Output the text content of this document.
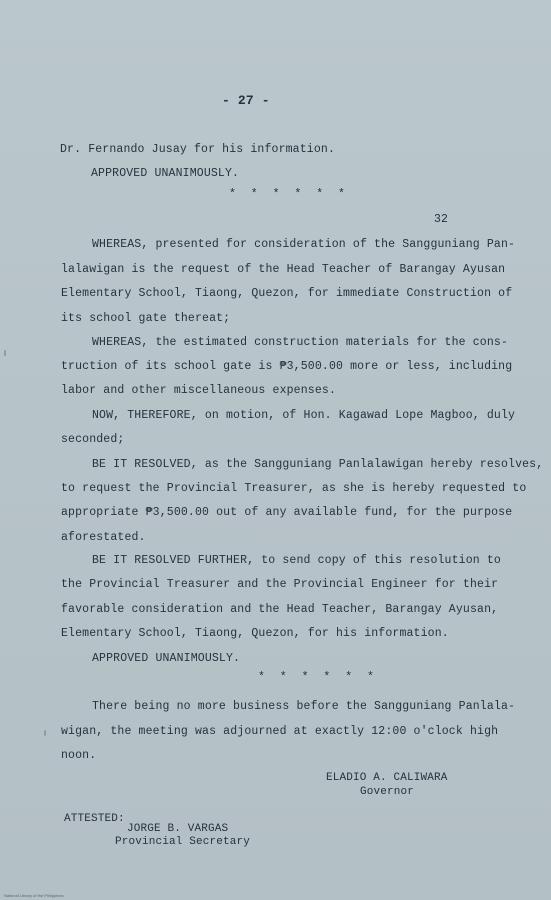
- 27 -
Dr. Fernando Jusay for his information.
APPROVED UNANIMOUSLY.
* * * * * *
32
WHEREAS, presented for consideration of the Sangguniang Pan-
lalawigan is the request of the Head Teacher of Barangay Ayusan
Elementary School, Tiaong, Quezon, for immediate Construction of
its school gate thereat;
WHEREAS, the estimated construction materials for the cons-
truction of its school gate is ₱3,500.00 more or less, including
labor and other miscellaneous expenses.
NOW, THEREFORE, on motion, of Hon. Kagawad Lope Magboo, duly
seconded;
BE IT RESOLVED, as the Sangguniang Panlalawigan hereby resolves,
to request the Provincial Treasurer, as she is hereby requested to
appropriate ₱3,500.00 out of any available fund, for the purpose
aforestated.
BE IT RESOLVED FURTHER, to send copy of this resolution to
the Provincial Treasurer and the Provincial Engineer for their
favorable consideration and the Head Teacher, Barangay Ayusan,
Elementary School, Tiaong, Quezon, for his information.
APPROVED UNANIMOUSLY.
* * * * * *
There being no more business before the Sangguniang Panlala-
wigan, the meeting was adjourned at exactly 12:00 o'clock high
noon.
ELADIO A. CALIWARA
Governor
ATTESTED:
JORGE B. VARGAS
Provincial Secretary
National Library of the Philippines
